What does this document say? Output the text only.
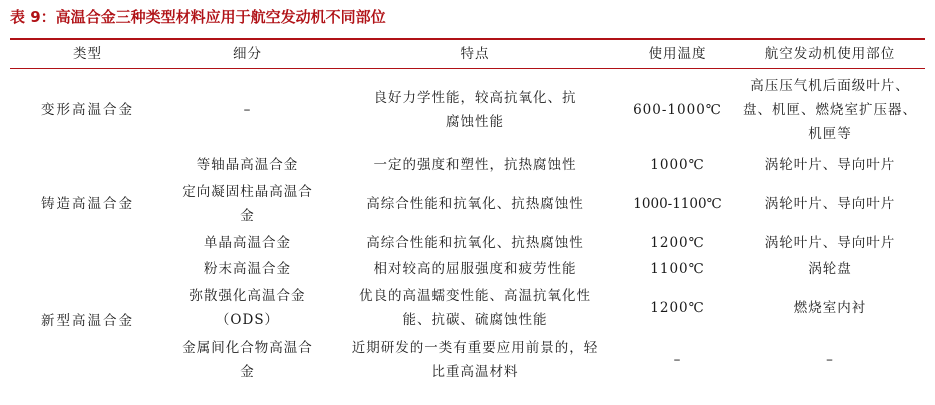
表 9：高温合金三种类型材料应用于航空发动机不同部位
类型	细分	特点	使用温度	航空发动机使用部位
变形高温合金	–	良好力学性能，较高抗氧化、抗腐蚀性能	600-1000℃	高压压气机后面级叶片、盘、机匣、燃烧室扩压器、机匣等
铸造高温合金	等轴晶高温合金	一定的强度和塑性，抗热腐蚀性	1000℃	涡轮叶片、导向叶片
	定向凝固柱晶高温合金	高综合性能和抗氧化、抗热腐蚀性	1000-1100℃	涡轮叶片、导向叶片
	单晶高温合金	高综合性能和抗氧化、抗热腐蚀性	1200℃	涡轮叶片、导向叶片
新型高温合金	粉末高温合金	相对较高的屈服强度和疲劳性能	1100℃	涡轮盘
	弥散强化高温合金（ODS）	优良的高温蠕变性能、高温抗氧化性能、抗碳、硫腐蚀性能	1200℃	燃烧室内衬
	金属间化合物高温合金	近期研发的一类有重要应用前景的，轻比重高温材料	–	–
